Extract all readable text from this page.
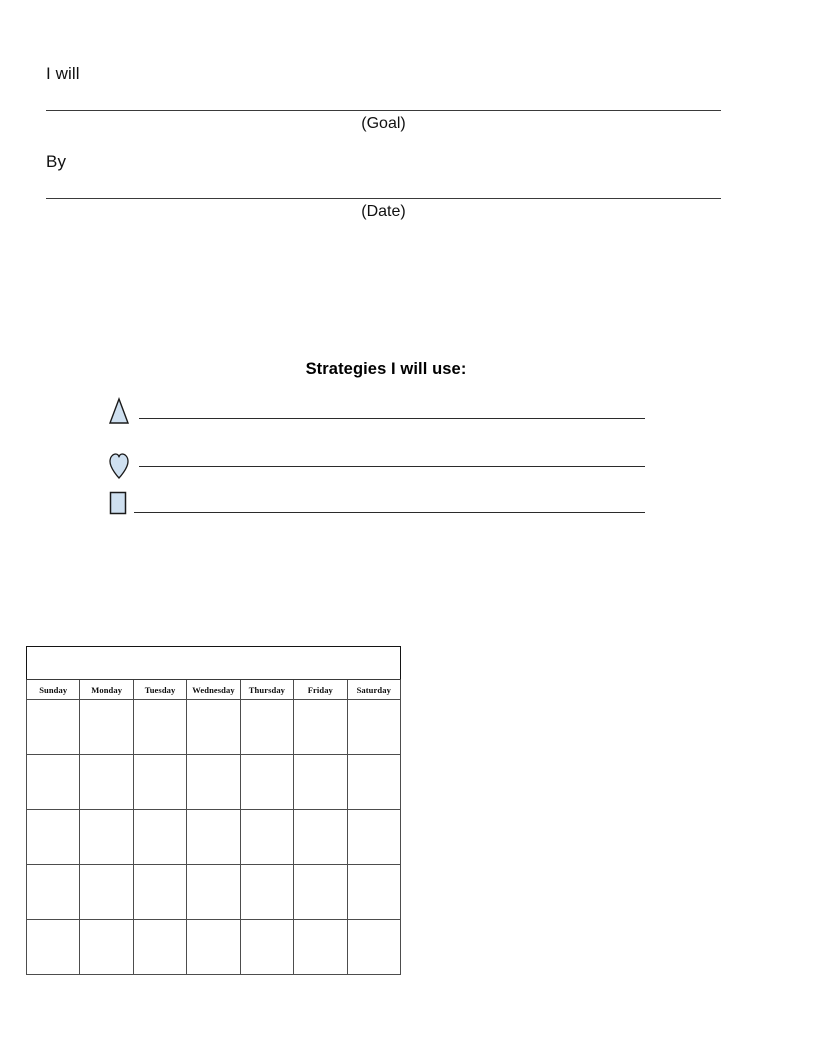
I will
(Goal)
By
(Date)
Strategies I will use:

Sunday	Monday	Tuesday	Wednesday	Thursday	Friday	Saturday
